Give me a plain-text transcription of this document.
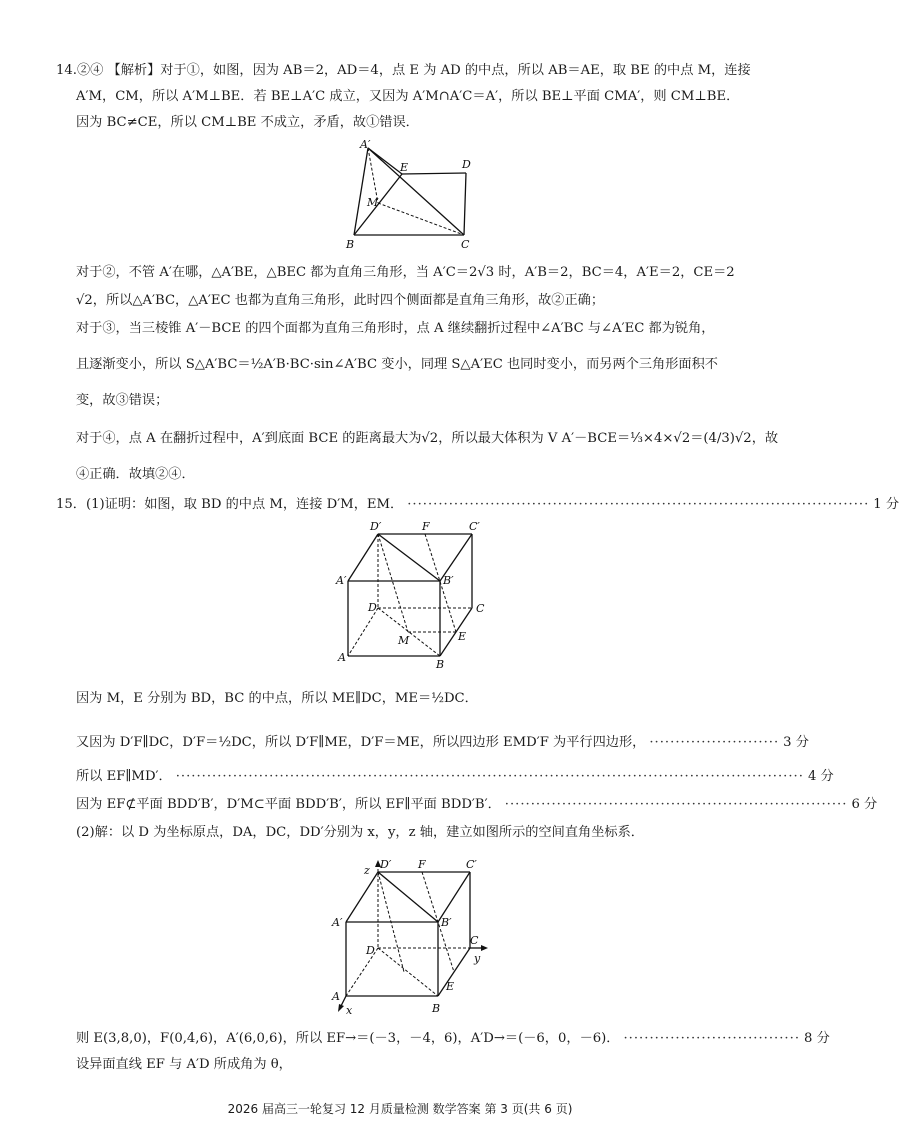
14.②④ 【解析】对于①，如图，因为 AB＝2，AD＝4，点 E 为 AD 的中点，所以 AB＝AE，取 BE 的中点 M，连接
A′M，CM，所以 A′M⊥BE．若 BE⊥A′C 成立，又因为 A′M∩A′C＝A′，所以 BE⊥平面 CMA′，则 CM⊥BE．
因为 BC≠CE，所以 CM⊥BE 不成立，矛盾，故①错误．
A′
E	D
M
B	C
对于②，不管 A′在哪，△A′BE，△BEC 都为直角三角形，当 A′C＝2√3 时，A′B＝2，BC＝4，A′E＝2，CE＝2
√2，所以△A′BC，△A′EC 也都为直角三角形，此时四个侧面都是直角三角形，故②正确；
对于③，当三棱锥 A′－BCE 的四个面都为直角三角形时，点 A 继续翻折过程中∠A′BC 与∠A′EC 都为锐角，
且逐渐变小，所以 S△A′BC＝½A′B·BC·sin∠A′BC 变小，同理 S△A′EC 也同时变小，而另两个三角形面积不
变，故③错误；
对于④，点 A 在翻折过程中，A′到底面 BCE 的距离最大为√2，所以最大体积为 V A′－BCE＝⅓×4×√2＝(4/3)√2，故
④正确．故填②④．
15．(1)证明：如图，取 BD 的中点 M，连接 D′M，EM． ························································································· 1 分
D′	F	C′
A′	B′
D	C
M	E
A
B
因为 M，E 分别为 BD，BC 的中点，所以 ME∥DC，ME＝½DC．
又因为 D′F∥DC，D′F＝½DC，所以 D′F∥ME，D′F＝ME，所以四边形 EMD′F 为平行四边形， ························· 3 分
所以 EF∥MD′． ························································································································· 4 分
因为 EF⊄平面 BDD′B′，D′M⊂平面 BDD′B′，所以 EF∥平面 BDD′B′． ·································································· 6 分
(2)解：以 D 为坐标原点，DA，DC，DD′分别为 x，y，z 轴，建立如图所示的空间直角坐标系．
z D′ F	C′
A′	B′
C
D
y
E
A
x	B
则 E(3,8,0)，F(0,4,6)，A′(6,0,6)，所以 EF→＝(－3，－4，6)，A′D→＝(－6，0，－6)． ·································· 8 分
设异面直线 EF 与 A′D 所成角为 θ，
2026 届高三一轮复习 12 月质量检测 数学答案 第 3 页(共 6 页)
